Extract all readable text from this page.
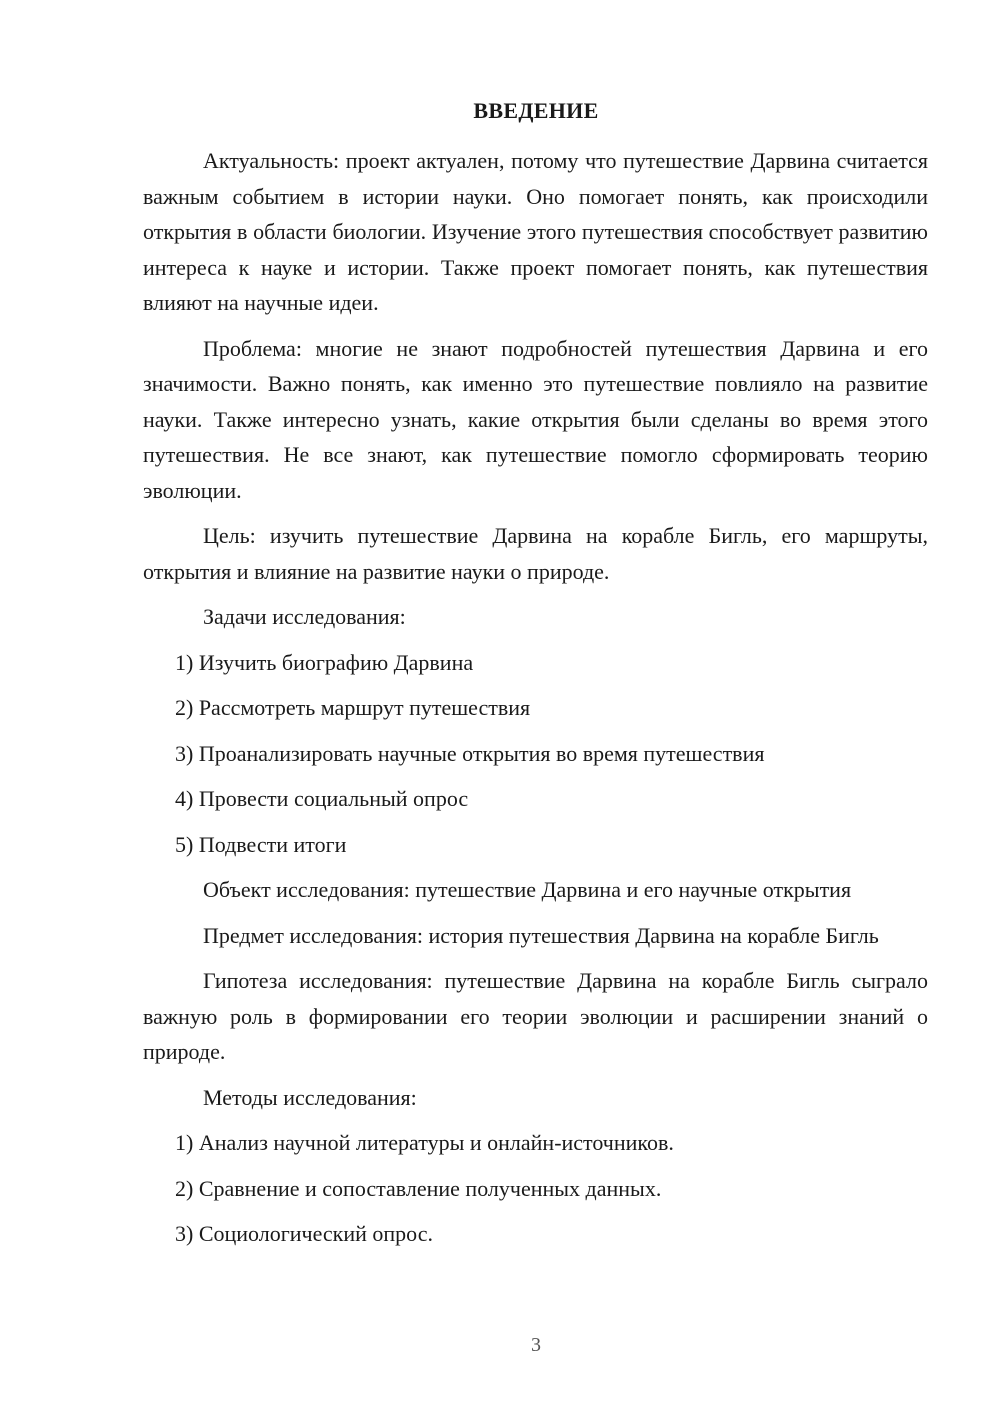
ВВЕДЕНИЕ

Актуальность: проект актуален, потому что путешествие Дарвина считается важным событием в истории науки. Оно помогает понять, как происходили открытия в области биологии. Изучение этого путешествия способствует развитию интереса к науке и истории. Также проект помогает понять, как путешествия влияют на научные идеи.

Проблема: многие не знают подробностей путешествия Дарвина и его значимости. Важно понять, как именно это путешествие повлияло на развитие науки. Также интересно узнать, какие открытия были сделаны во время этого путешествия. Не все знают, как путешествие помогло сформировать теорию эволюции.

Цель: изучить путешествие Дарвина на корабле Бигль, его маршруты, открытия и влияние на развитие науки о природе.

Задачи исследования:
1) Изучить биографию Дарвина
2) Рассмотреть маршрут путешествия
3) Проанализировать научные открытия во время путешествия
4) Провести социальный опрос
5) Подвести итоги

Объект исследования: путешествие Дарвина и его научные открытия

Предмет исследования: история путешествия Дарвина на корабле Бигль

Гипотеза исследования: путешествие Дарвина на корабле Бигль сыграло важную роль в формировании его теории эволюции и расширении знаний о природе.

Методы исследования:
1) Анализ научной литературы и онлайн-источников.
2) Сравнение и сопоставление полученных данных.
3) Социологический опрос.
3
